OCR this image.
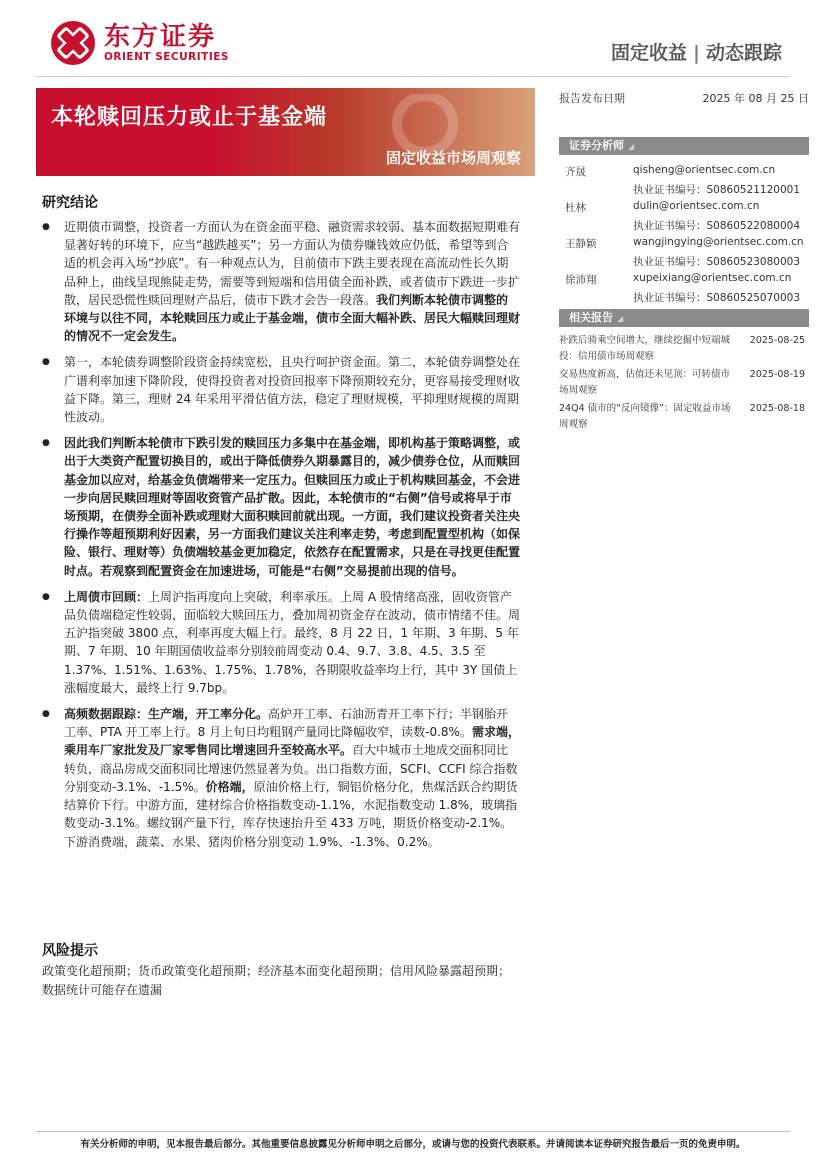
东方证券
ORIENT SECURITIES	固定收益 | 动态跟踪
本轮赎回压力或止于基金端
固定收益市场周观察
报告发布日期	2025 年 08 月 25 日
证券分析师 ◢
齐晟	qisheng@orientsec.com.cn
执业证书编号：S0860521120001
杜林	dulin@orientsec.com.cn
执业证书编号：S0860522080004
王静颖	wangjingying@orientsec.com.cn
执业证书编号：S0860523080003
徐沛翔	xupeixiang@orientsec.com.cn
执业证书编号：S0860525070003
相关报告 ◢
补跌后骑乘空间增大，继续挖掘中短端城投：信用债市场周观察
2025-08-25
交易热度新高，估值还未见顶：可转债市场周观察
2025-08-19
24Q4 债市的“反向镜像”：固定收益市场周观察
2025-08-18
研究结论

● 近期债市调整，投资者一方面认为在资金面平稳、融资需求较弱、基本面数据短期难有显著好转的环境下，应当“越跌越买”；另一方面认为债券赚钱效应仍低，希望等到合适的机会再入场“抄底”。有一种观点认为，目前债市下跌主要表现在高流动性长久期品种上，曲线呈现熊陡走势，需要等到短端和信用债全面补跌，或者债市下跌进一步扩散，居民恐慌性赎回理财产品后，债市下跌才会告一段落。我们判断本轮债市调整的环境与以往不同，本轮赎回压力或止于基金端，债市全面大幅补跌、居民大幅赎回理财的情况不一定会发生。

● 第一，本轮债券调整阶段资金持续宽松，且央行呵护资金面。第二，本轮债券调整处在广谱利率加速下降阶段，使得投资者对投资回报率下降预期较充分，更容易接受理财收益下降。第三，理财 24 年采用平滑估值方法，稳定了理财规模，平抑理财规模的周期性波动。

● 因此我们判断本轮债市下跌引发的赎回压力多集中在基金端，即机构基于策略调整，或出于大类资产配置切换目的，或出于降低债券久期暴露目的，减少债券仓位，从而赎回基金加以应对，给基金负债端带来一定压力。但赎回压力或止于机构赎回基金，不会进一步向居民赎回理财等固收资管产品扩散。因此，本轮债市的“右侧”信号或将早于市场预期，在债券全面补跌或理财大面积赎回前就出现。一方面，我们建议投资者关注央行操作等超预期利好因素，另一方面我们建议关注利率走势，考虑到配置型机构（如保险、银行、理财等）负债端较基金更加稳定，依然存在配置需求，只是在寻找更佳配置时点。若观察到配置资金在加速进场，可能是“右侧”交易提前出现的信号。

● 上周债市回顾：上周沪指再度向上突破，利率承压。上周 A 股情绪高涨，固收资管产品负债端稳定性较弱，面临较大赎回压力，叠加周初资金存在波动，债市情绪不佳。周五沪指突破 3800 点，利率再度大幅上行。最终，8 月 22 日，1 年期、3 年期、5 年期、7 年期、10 年期国债收益率分别较前周变动 0.4、9.7、3.8、4.5、3.5 至 1.37%、1.51%、1.63%、1.75%、1.78%，各期限收益率均上行，其中 3Y 国债上涨幅度最大，最终上行 9.7bp。

● 高频数据跟踪：生产端，开工率分化。高炉开工率、石油沥青开工率下行；半钢胎开工率、PTA 开工率上行。8 月上旬日均粗钢产量同比降幅收窄，读数-0.8%。需求端，乘用车厂家批发及厂家零售同比增速回升至较高水平。百大中城市土地成交面积同比转负，商品房成交面积同比增速仍然显著为负。出口指数方面，SCFI、CCFI 综合指数分别变动-3.1%、-1.5%。价格端，原油价格上行，铜铝价格分化，焦煤活跃合约期货结算价下行。中游方面，建材综合价格指数变动-1.1%，水泥指数变动 1.8%，玻璃指数变动-3.1%。螺纹钢产量下行，库存快速抬升至 433 万吨，期货价格变动-2.1%。下游消费端，蔬菜、水果、猪肉价格分别变动 1.9%、-1.3%、0.2%。

风险提示
政策变化超预期；货币政策变化超预期；经济基本面变化超预期；信用风险暴露超预期；数据统计可能存在遗漏
有关分析师的申明，见本报告最后部分。其他重要信息披露见分析师申明之后部分，或请与您的投资代表联系。并请阅读本证券研究报告最后一页的免责申明。
